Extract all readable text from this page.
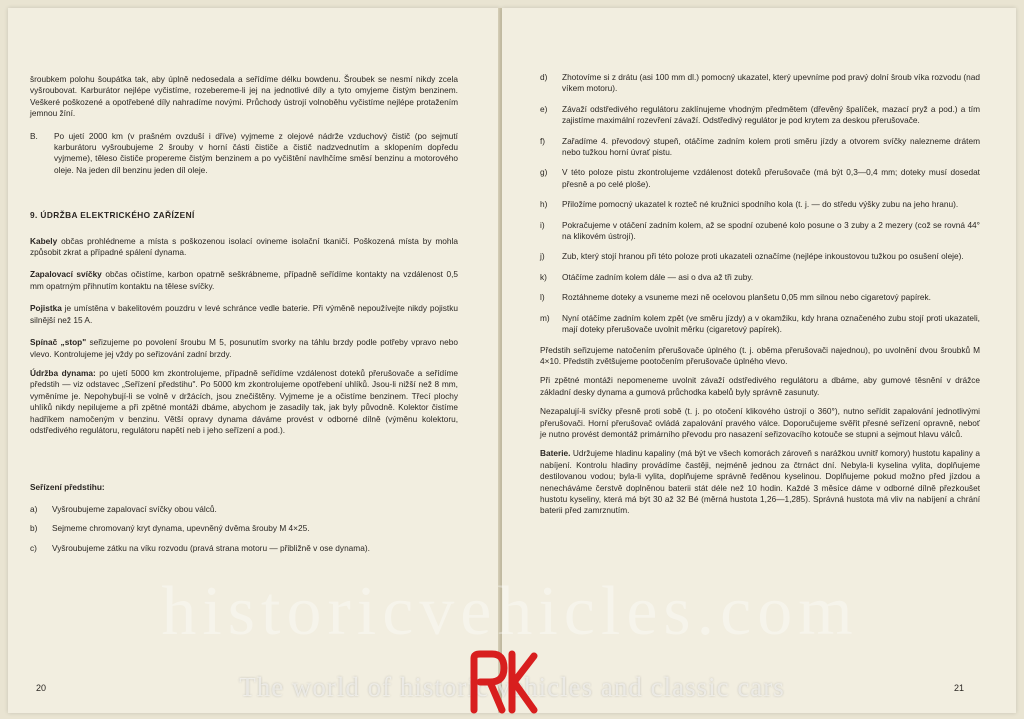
šroubkem polohu šoupátka tak, aby úplně nedosedala a seřídíme délku bowdenu. Šroubek se nesmí nikdy zcela vyšroubovat. Karburátor nejlépe vyčistíme, rozebereme-li jej na jednotlivé díly a tyto omyjeme čistým benzinem. Veškeré poškozené a opotřebené díly nahradíme novými. Průchody ústrojí volnoběhu vyčistíme nejlépe protažením jemnou žíní.

B. Po ujetí 2000 km (v prašném ovzduší i dříve) vyjmeme z olejové nádrže vzduchový čistič (po sejmutí karburátoru vyšroubujeme 2 šrouby v horní části čističe a čistič nadzvednutím a sklopením dopředu vyjmeme), těleso čističe propereme čistým benzinem a po vyčištění navlhčíme směsí benzinu a motorového oleje. Na jeden díl benzinu jeden díl oleje.
9. ÚDRŽBA ELEKTRICKÉHO ZAŘÍZENÍ

Kabely občas prohlédneme a místa s poškozenou isolací ovineme isolační tkaničí. Poškozená místa by mohla způsobit zkrat a případné spálení dynama.

Zapalovací svíčky občas očistíme, karbon opatrně seškrábneme, případně seřídíme kontakty na vzdálenost 0,5 mm opatrným přihnutím kontaktu na tělese svíčky.

Pojistka je umístěna v bakelitovém pouzdru v levé schránce vedle baterie. Při výměně nepoužívejte nikdy pojistku silnější než 15 A.

Spínač „stop" seřizujeme po povolení šroubu M 5, posunutím svorky na táhlu brzdy podle potřeby vpravo nebo vlevo. Kontrolujeme jej vždy po seřizování zadní brzdy.

Údržba dynama: po ujetí 5000 km zkontrolujeme, případně seřídíme vzdálenost doteků přerušovače a seřídíme předstih — viz odstavec „Seřízení předstihu". Po 5000 km zkontrolujeme opotřebení uhlíků. Jsou-li nižší než 8 mm, vyměníme je. Nepohybují-li se volně v držácích, jsou znečištěny. Vyjmeme je a očistíme benzinem. Třecí plochy uhlíků nikdy nepilujeme a při zpětné montáži dbáme, abychom je zasadily tak, jak byly původně. Kolektor čistíme hadříkem namočeným v benzinu. Větší opravy dynama dáváme provést v odborné dílně (výměnu kolektoru, odstředivého regulátoru, regulátoru napětí neb i jeho seřízení a pod.).

Seřízení předstihu:
a) Vyšroubujeme zapalovací svíčky obou válců.
b) Sejmeme chromovaný kryt dynama, upevněný dvěma šrouby M 4×25.
c) Vyšroubujeme zátku na víku rozvodu (pravá strana motoru — přibližně v ose dynama).
20
d) Zhotovíme si z drátu (asi 100 mm dl.) pomocný ukazatel, který upevníme pod pravý dolní šroub víka rozvodu (nad víkem motoru).
e) Závaží odstředivého regulátoru zaklínujeme vhodným předmětem (dřevěný špalíček, mazací pryž a pod.) a tím zajistíme maximální rozevření závaží. Odstředivý regulátor je pod krytem za deskou přerušovače.
f) Zařadíme 4. převodový stupeň, otáčíme zadním kolem proti směru jízdy a otvorem svíčky nalezneme drátem nebo tužkou horní úvrať pistu.
g) V této poloze pistu zkontrolujeme vzdálenost doteků přerušovače (má být 0,3—0,4 mm; doteky musí dosedat přesně a po celé ploše).
h) Přiložíme pomocný ukazatel k rozteč né kružnici spodního kola (t. j. — do středu výšky zubu na jeho hranu).
i) Pokračujeme v otáčení zadním kolem, až se spodní ozubené kolo posune o 3 zuby a 2 mezery (což se rovná 44° na klikovém ústrojí).
j) Zub, který stojí hranou při této poloze proti ukazateli označíme (nejlépe inkoustovou tužkou po osušení oleje).
k) Otáčíme zadním kolem dále — asi o dva až tři zuby.
l) Roztáhneme doteky a vsuneme mezi ně ocelovou planšetu 0,05 mm silnou nebo cigaretový papírek.
m) Nyní otáčíme zadním kolem zpět (ve směru jízdy) a v okamžiku, kdy hrana označeného zubu stojí proti ukazateli, mají doteky přerušovače uvolnit měrku (cigaretový papírek).

Předstih seřizujeme natočením přerušovače úplného (t. j. oběma přerušovači najednou), po uvolnění dvou šroubků M 4×10. Předstih zvětšujeme pootočením přerušovače úplného vlevo.

Při zpětné montáži nepomeneme uvolnit závaží odstředivého regulátoru a dbáme, aby gumové těsnění v drážce základní desky dynama a gumová průchodka kabelů byly správně zasunuty.

Nezapalují-li svíčky přesně proti sobě (t. j. po otočení klikového ústrojí o 360°), nutno seřídit zapalování jednotlivými přerušovači. Horní přerušovač ovládá zapalování pravého válce. Doporučujeme svěřit přesné seřízení opravně, neboť je nutno provést demontáž primárního převodu pro nasazení seřizovacího kotouče se stupni a sejmout hlavu válců.

Baterie. Udržujeme hladinu kapaliny (má být ve všech komorách zároveň s narážkou uvnitř komory) hustotu kapaliny a nabíjení. Kontrolu hladiny provádíme častěji, nejméně jednou za čtrnáct dní. Nebyla-li kyselina vylita, doplňujeme destilovanou vodou; byla-li vylita, doplňujeme správně ředěnou kyselinou. Doplňujeme pokud možno před jízdou a nenecháváme čerstvě doplněnou baterii stát déle než 10 hodin. Každé 3 měsíce dáme v odborné dílně přezkoušet hustotu kyseliny, která má být 30 až 32 Bé (měrná hustota 1,26—1,285). Správná hustota má vliv na nabíjení a chrání baterii před zamrznutím.

21
historicvehicles.com
The world of historic vehicles and classic cars
